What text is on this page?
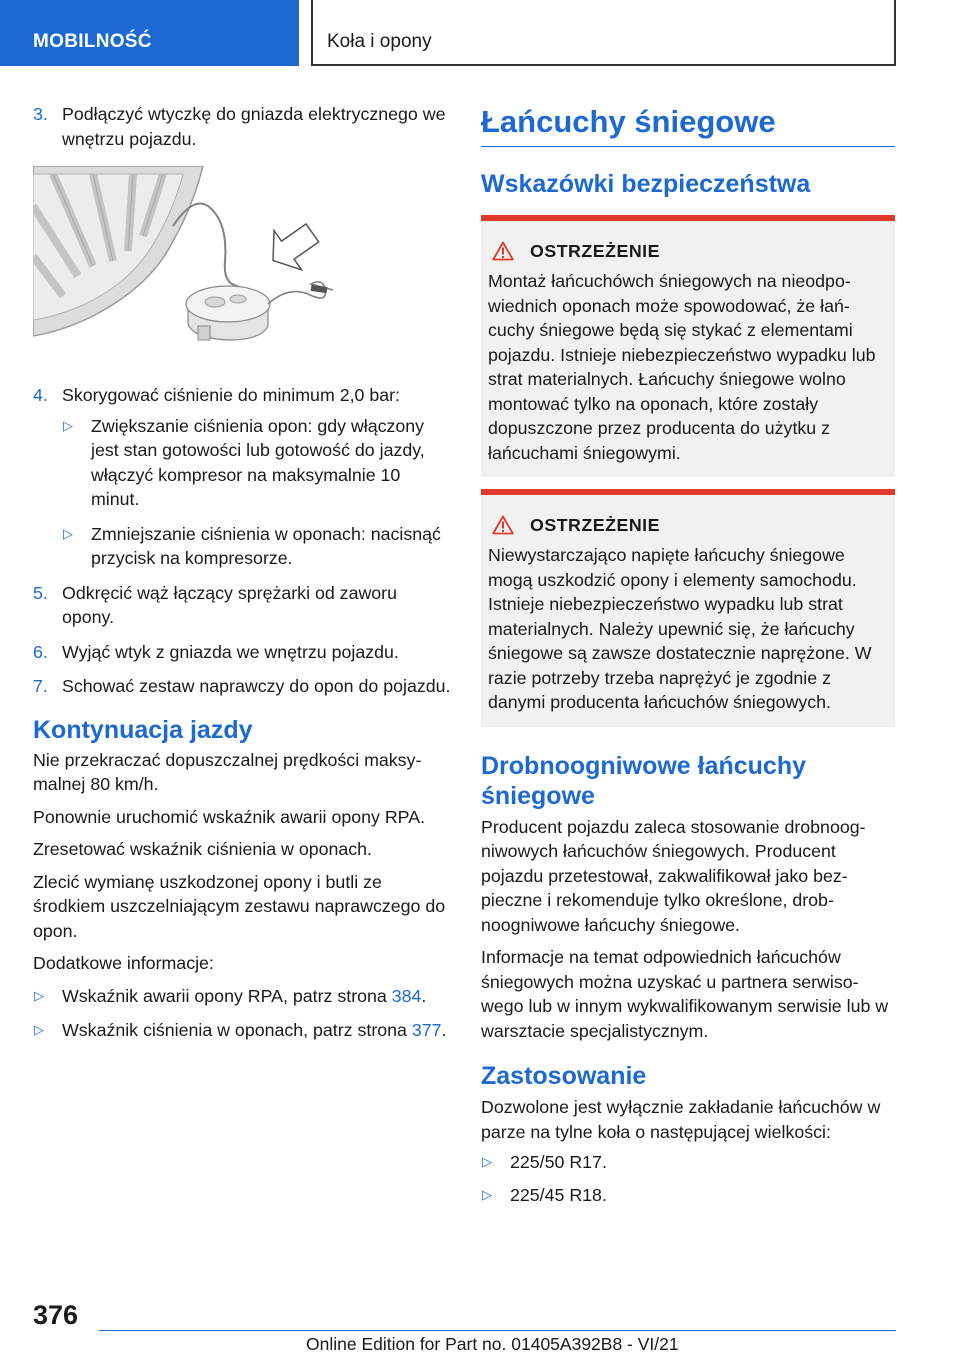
MOBILNOŚĆ	Koła i opony
3. Podłączyć wtyczkę do gniazda elektrycznego we wnętrzu pojazdu.
4. Skorygować ciśnienie do minimum 2,0 bar:
▷ Zwiększanie ciśnienia opon: gdy włączony jest stan gotowości lub gotowość do jazdy, włączyć kompresor na maksymalnie 10 minut.
▷ Zmniejszanie ciśnienia w oponach: nacisnąć przycisk na kompresorze.
5. Odkręcić wąż łączący sprężarki od zaworu opony.
6. Wyjąć wtyk z gniazda we wnętrzu pojazdu.
7. Schować zestaw naprawczy do opon do pojazdu.
Kontynuacja jazdy
Nie przekraczać dopuszczalnej prędkości maksymalnej 80 km/h.
Ponownie uruchomić wskaźnik awarii opony RPA.
Zresetować wskaźnik ciśnienia w oponach.
Zlecić wymianę uszkodzonej opony i butli ze środkiem uszczelniającym zestawu naprawczego do opon.
Dodatkowe informacje:
▷ Wskaźnik awarii opony RPA, patrz strona 384.
▷ Wskaźnik ciśnienia w oponach, patrz strona 377.
Łańcuchy śniegowe
Wskazówki bezpieczeństwa
OSTRZEŻENIE
Montaż łańcuchówch śniegowych na nieodpowiednich oponach może spowodować, że łańcuchy śniegowe będą się stykać z elementami pojazdu. Istnieje niebezpieczeństwo wypadku lub strat materialnych. Łańcuchy śniegowe wolno montować tylko na oponach, które zostały dopuszczone przez producenta do użytku z łańcuchami śniegowymi.
OSTRZEŻENIE
Niewystarczająco napięte łańcuchy śniegowe mogą uszkodzić opony i elementy samochodu. Istnieje niebezpieczeństwo wypadku lub strat materialnych. Należy upewnić się, że łańcuchy śniegowe są zawsze dostatecznie naprężone. W razie potrzeby trzeba naprężyć je zgodnie z danymi producenta łańcuchów śniegowych.
Drobnoogniwowe łańcuchy śniegowe
Producent pojazdu zaleca stosowanie drobnoogniwowych łańcuchów śniegowych. Producent pojazdu przetestował, zakwalifikował jako bezpieczne i rekomenduje tylko określone, drobnoogniwowe łańcuchy śniegowe.
Informacje na temat odpowiednich łańcuchów śniegowych można uzyskać u partnera serwisowego lub w innym wykwalifikowanym serwisie lub w warsztacie specjalistycznym.
Zastosowanie
Dozwolone jest wyłącznie zakładanie łańcuchów w parze na tylne koła o następującej wielkości:
▷ 225/50 R17.
▷ 225/45 R18.
376
Online Edition for Part no. 01405A392B8 - VI/21
